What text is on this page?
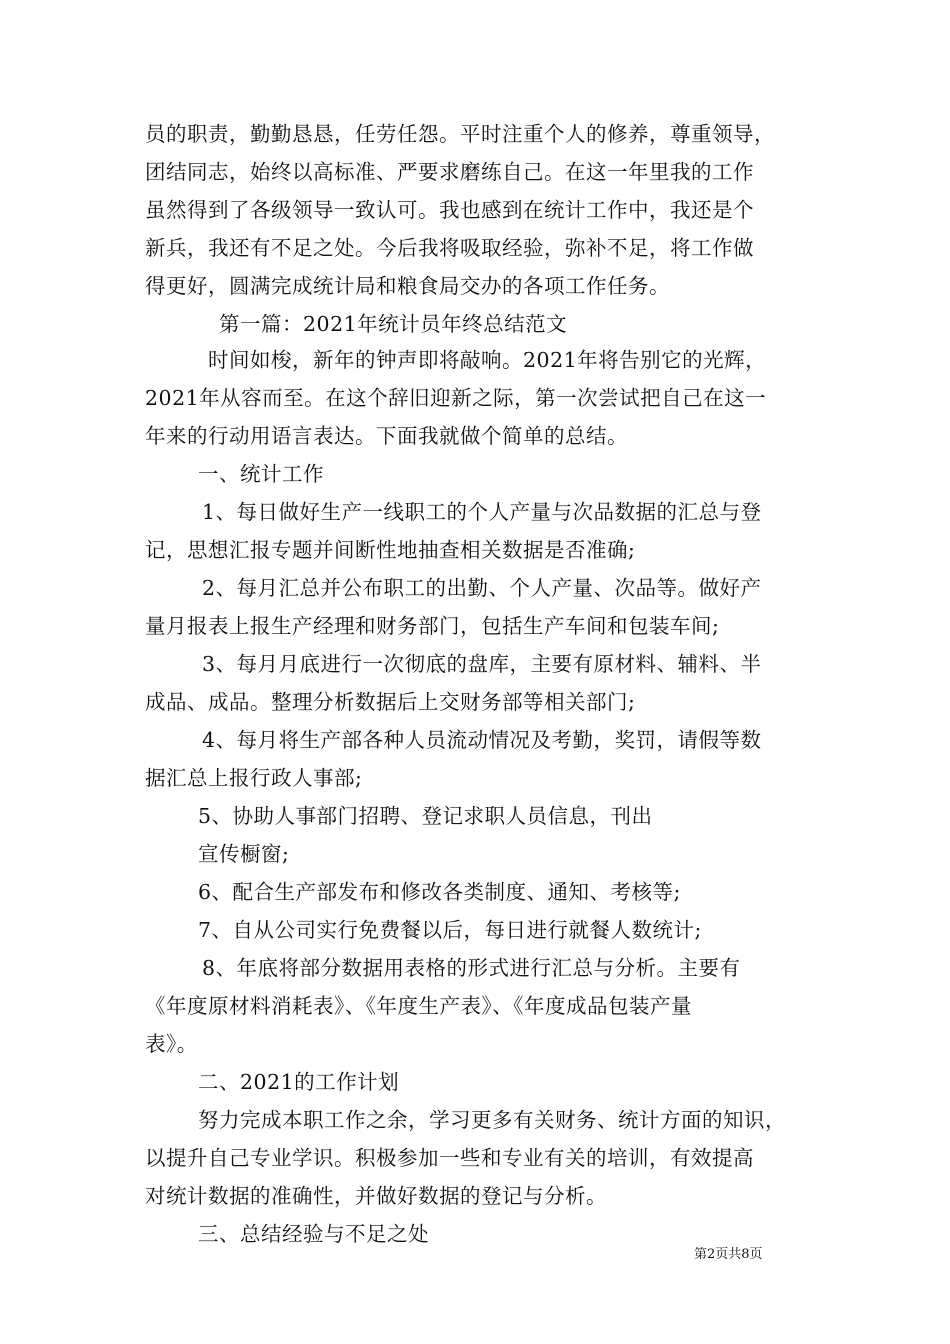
员的职责，勤勤恳恳，任劳任怨。平时注重个人的修养，尊重领导，
团结同志，始终以高标准、严要求磨练自己。在这一年里我的工作
虽然得到了各级领导一致认可。我也感到在统计工作中，我还是个
新兵，我还有不足之处。今后我将吸取经验，弥补不足，将工作做
得更好，圆满完成统计局和粮食局交办的各项工作任务。
第一篇：2021年统计员年终总结范文
时间如梭，新年的钟声即将敲响。2021年将告别它的光辉，
2021年从容而至。在这个辞旧迎新之际，第一次尝试把自己在这一
年来的行动用语言表达。下面我就做个简单的总结。
一、统计工作
1、每日做好生产一线职工的个人产量与次品数据的汇总与登
记，思想汇报专题并间断性地抽查相关数据是否准确;
2、每月汇总并公布职工的出勤、个人产量、次品等。做好产
量月报表上报生产经理和财务部门，包括生产车间和包装车间;
3、每月月底进行一次彻底的盘库，主要有原材料、辅料、半
成品、成品。整理分析数据后上交财务部等相关部门;
4、每月将生产部各种人员流动情况及考勤，奖罚，请假等数
据汇总上报行政人事部;
5、协助人事部门招聘、登记求职人员信息，刊出
宣传橱窗;
6、配合生产部发布和修改各类制度、通知、考核等;
7、自从公司实行免费餐以后，每日进行就餐人数统计;
8、年底将部分数据用表格的形式进行汇总与分析。主要有
《年度原材料消耗表》、《年度生产表》、《年度成品包装产量
表》。
二、2021的工作计划
努力完成本职工作之余，学习更多有关财务、统计方面的知识，
以提升自己专业学识。积极参加一些和专业有关的培训，有效提高
对统计数据的准确性，并做好数据的登记与分析。
三、总结经验与不足之处
第2页共8页
